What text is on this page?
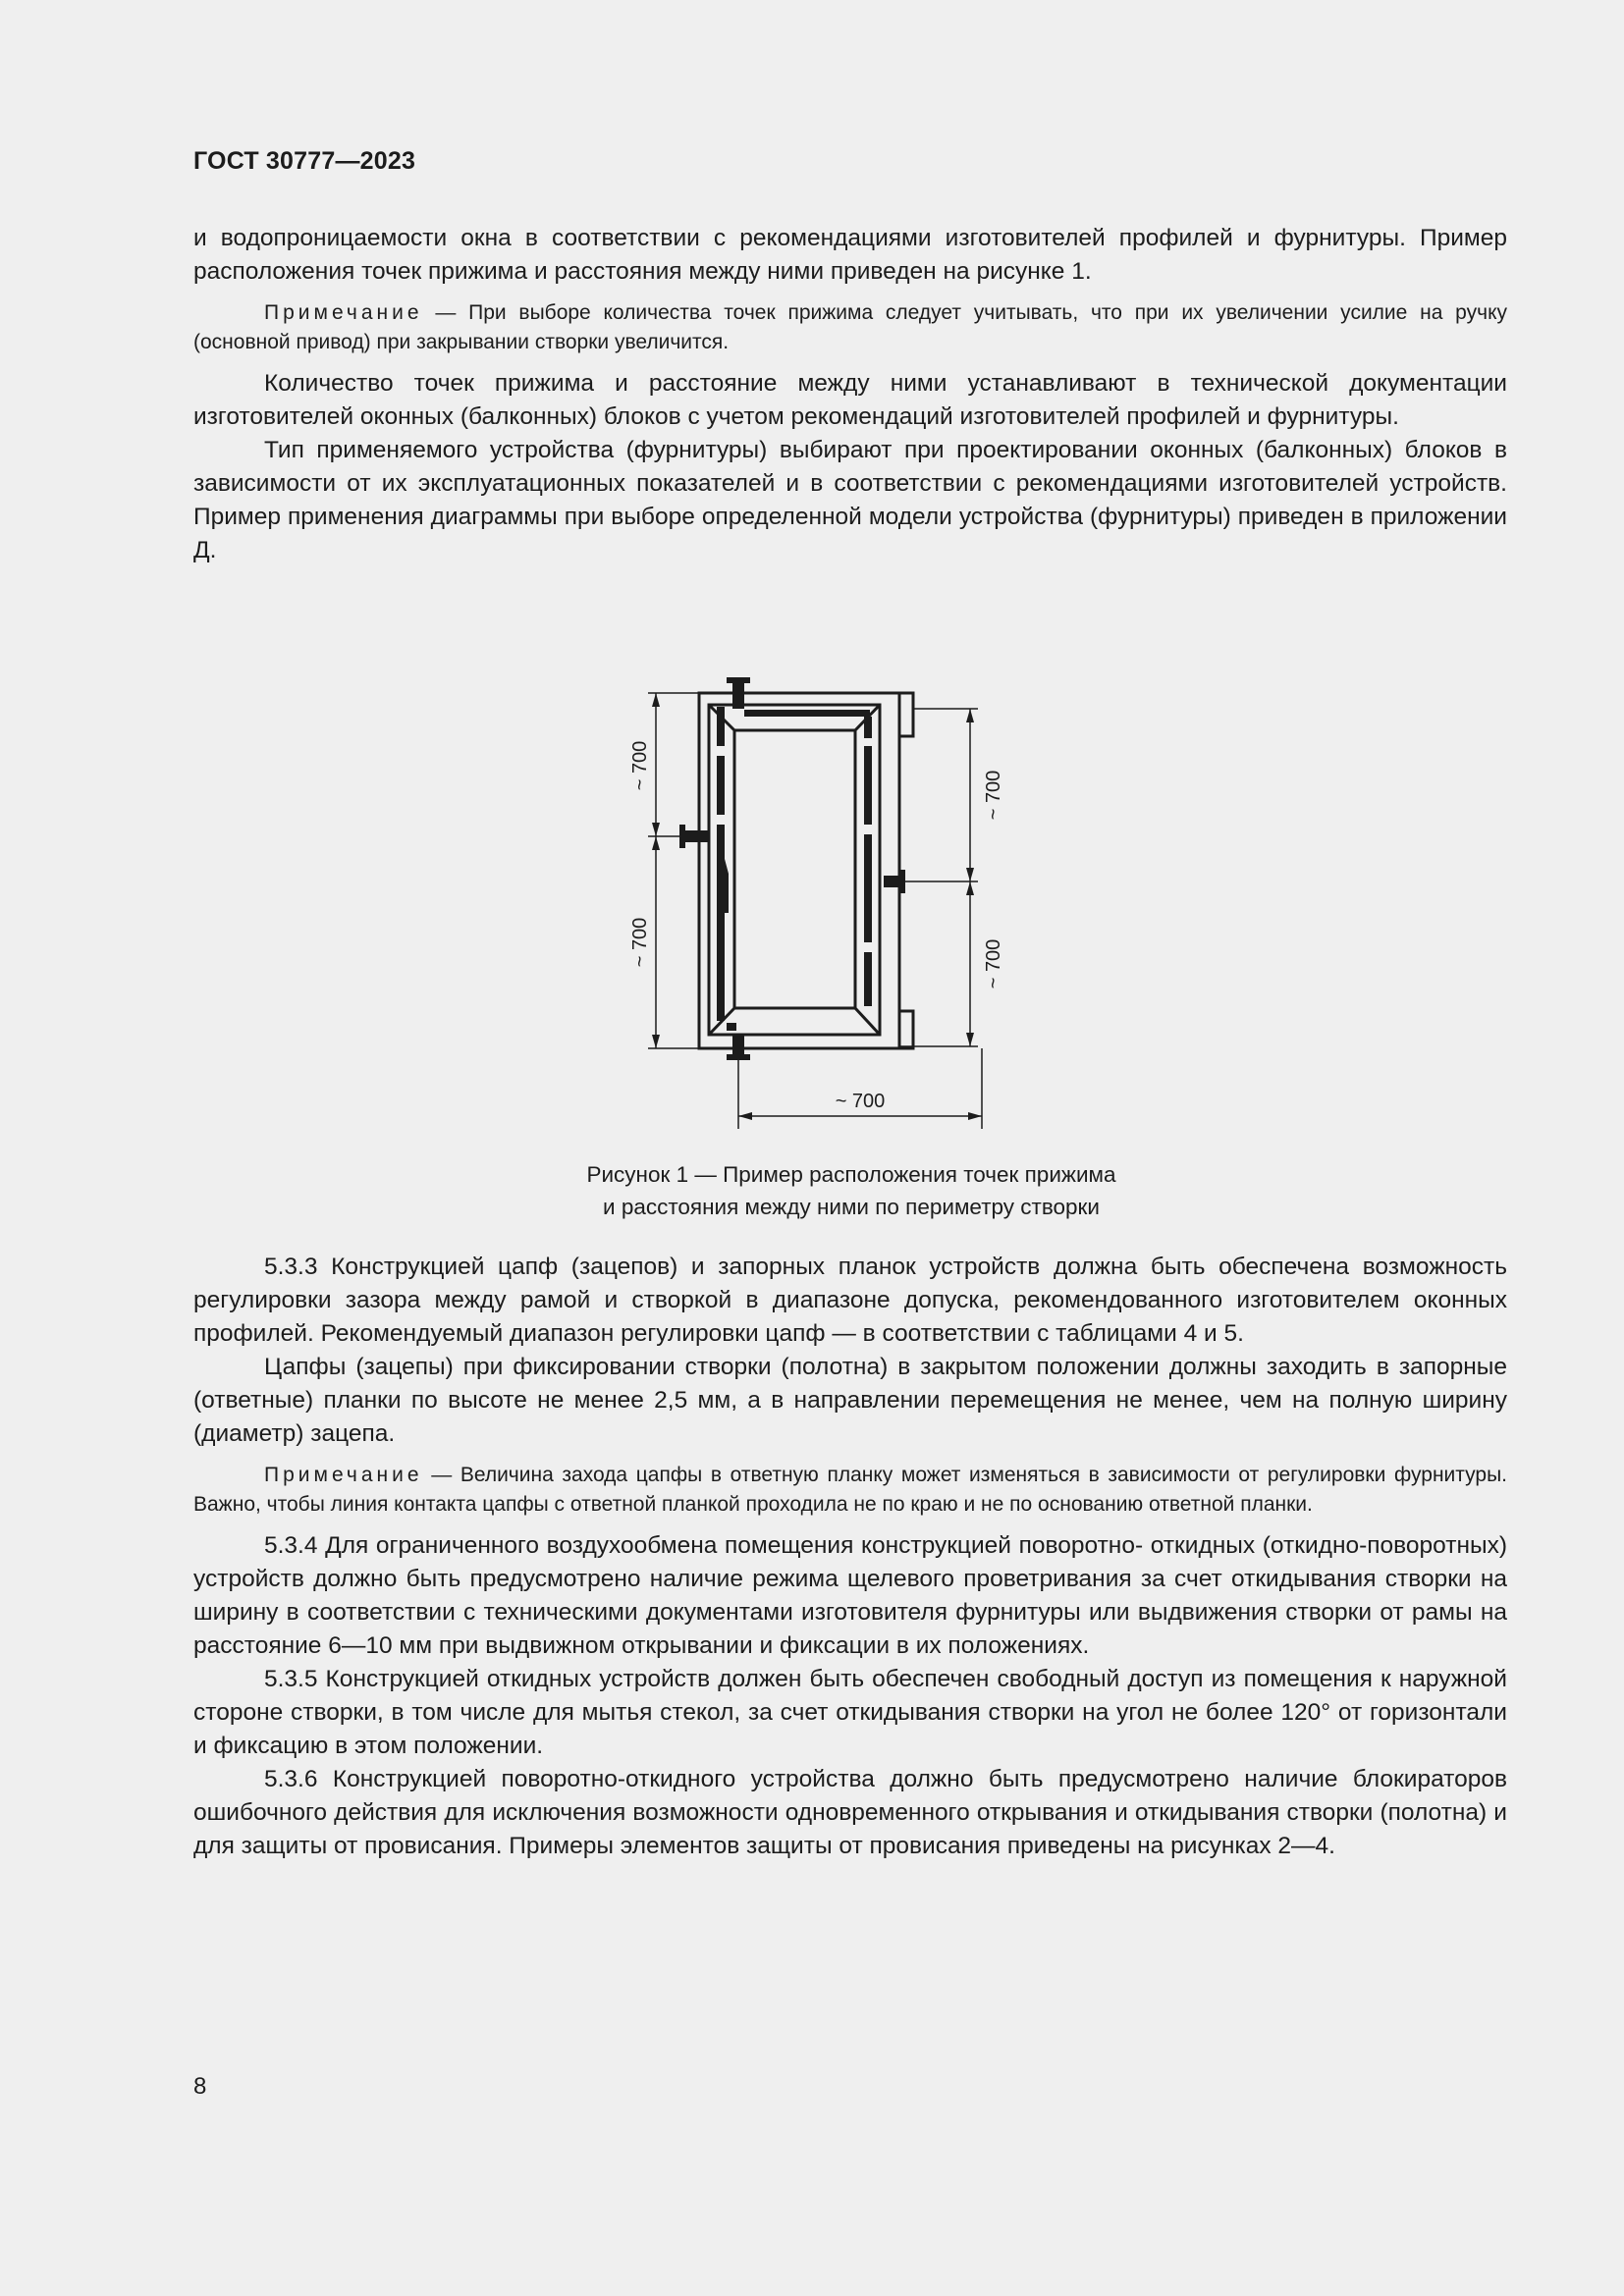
ГОСТ 30777—2023

и водопроницаемости окна в соответствии с рекомендациями изготовителей профилей и фурнитуры. Пример расположения точек прижима и расстояния между ними приведен на рисунке 1.

Примечание — При выборе количества точек прижима следует учитывать, что при их увеличении усилие на ручку (основной привод) при закрывании створки увеличится.

Количество точек прижима и расстояние между ними устанавливают в технической документации изготовителей оконных (балконных) блоков с учетом рекомендаций изготовителей профилей и фурнитуры.

Тип применяемого устройства (фурнитуры) выбирают при проектировании оконных (балконных) блоков в зависимости от их эксплуатационных показателей и в соответствии с рекомендациями изготовителей устройств. Пример применения диаграммы при выборе определенной модели устройства (фурнитуры) приведен в приложении Д.

~ 700
~ 700
~ 700
~ 700
~ 700
Рисунок 1 — Пример расположения точек прижима
и расстояния между ними по периметру створки

5.3.3 Конструкцией цапф (зацепов) и запорных планок устройств должна быть обеспечена возможность регулировки зазора между рамой и створкой в диапазоне допуска, рекомендованного изготовителем оконных профилей. Рекомендуемый диапазон регулировки цапф — в соответствии с таблицами 4 и 5.

Цапфы (зацепы) при фиксировании створки (полотна) в закрытом положении должны заходить в запорные (ответные) планки по высоте не менее 2,5 мм, а в направлении перемещения не менее, чем на полную ширину (диаметр) зацепа.

Примечание — Величина захода цапфы в ответную планку может изменяться в зависимости от регулировки фурнитуры. Важно, чтобы линия контакта цапфы с ответной планкой проходила не по краю и не по основанию ответной планки.

5.3.4 Для ограниченного воздухообмена помещения конструкцией поворотно- откидных (откидно-поворотных) устройств должно быть предусмотрено наличие режима щелевого проветривания за счет откидывания створки на ширину в соответствии с техническими документами изготовителя фурнитуры или выдвижения створки от рамы на расстояние 6—10 мм при выдвижном открывании и фиксации в их положениях.

5.3.5 Конструкцией откидных устройств должен быть обеспечен свободный доступ из помещения к наружной стороне створки, в том числе для мытья стекол, за счет откидывания створки на угол не более 120° от горизонтали и фиксацию в этом положении.

5.3.6 Конструкцией поворотно-откидного устройства должно быть предусмотрено наличие блокираторов ошибочного действия для исключения возможности одновременного открывания и откидывания створки (полотна) и для защиты от провисания. Примеры элементов защиты от провисания приведены на рисунках 2—4.

8
